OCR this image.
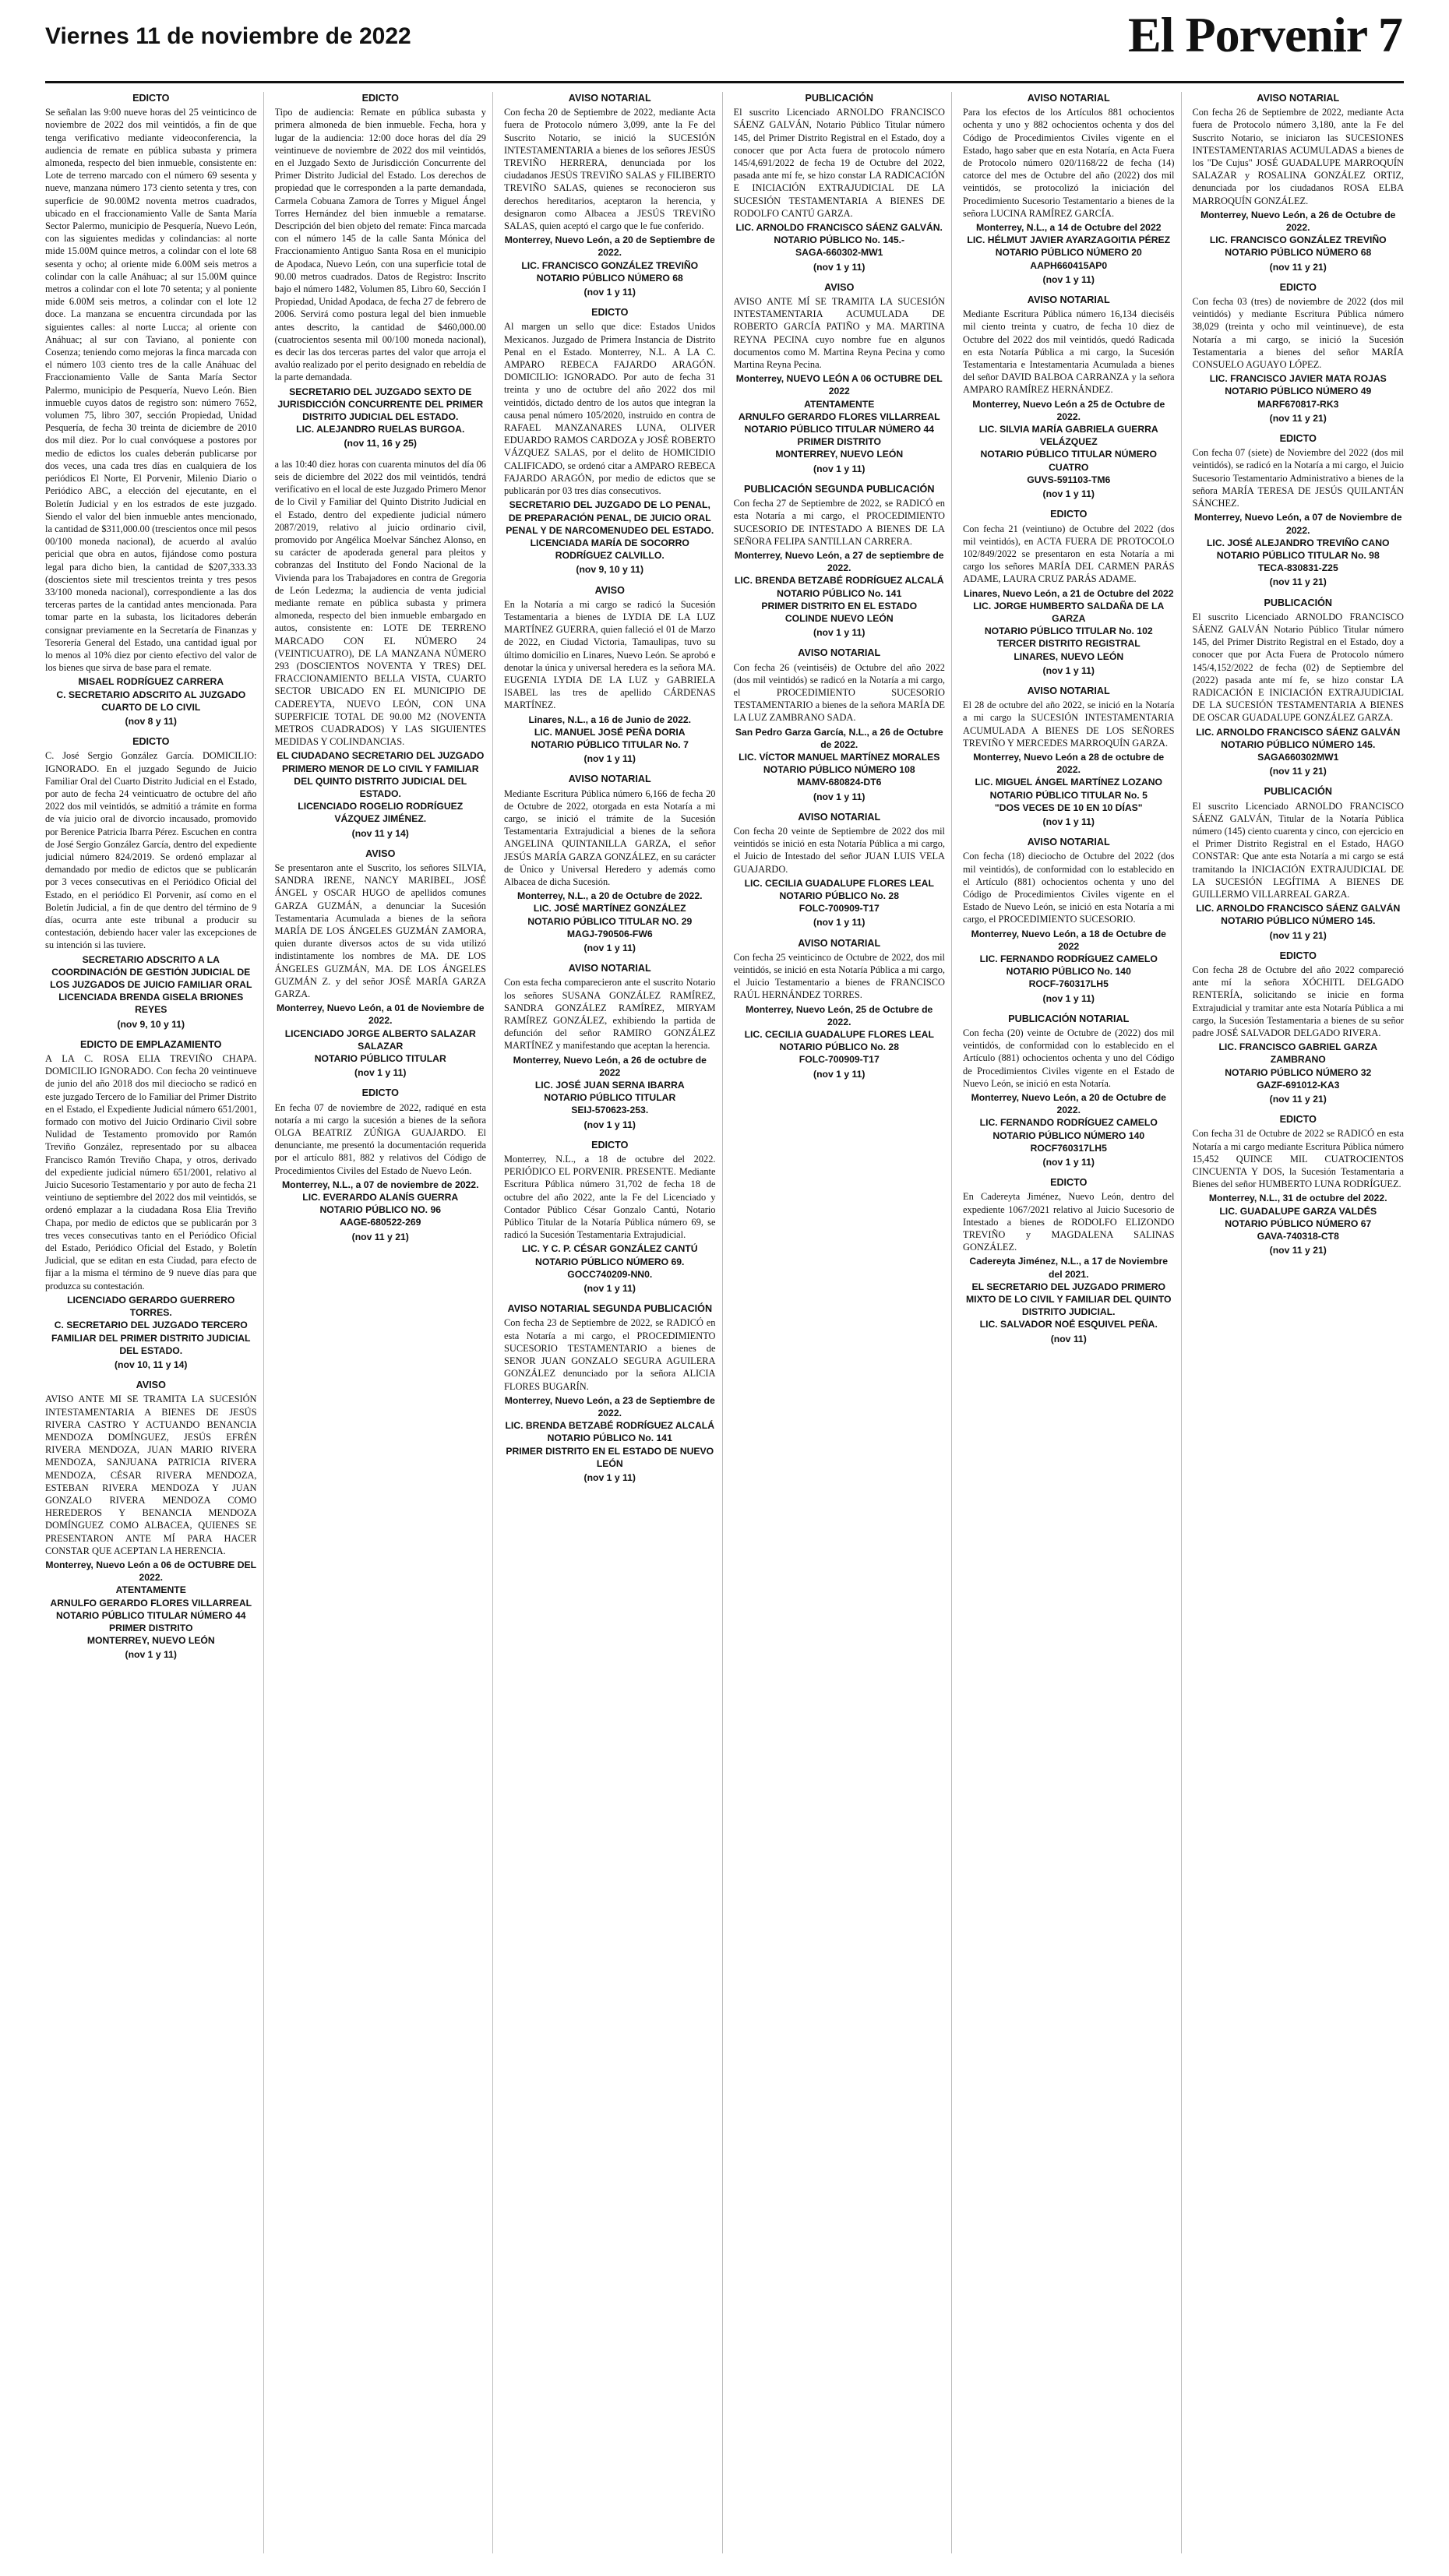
Viernes 11 de noviembre de 2022	El Porvenir 7
EDICTO

Se señalan las 9:00 nueve horas del 25 veinticinco de noviembre de 2022 dos mil veintidós, a fin de que tenga verificativo mediante videoconferencia, la audiencia de remate en pública subasta y primera almoneda, respecto del bien inmueble, consistente en: Lote de terreno marcado con el número 69 sesenta y nueve, manzana número 173 ciento setenta y tres, con superficie de 90.00M2 noventa metros cuadrados, ubicado en el fraccionamiento Valle de Santa María Sector Palermo, municipio de Pesquería, Nuevo León, con las siguientes medidas y colindancias: al norte mide 15.00M quince metros, a colindar con el lote 68 sesenta y ocho; al oriente mide 6.00M seis metros a colindar con la calle Anáhuac; al sur 15.00M quince metros a colindar con el lote 70 setenta; y al poniente mide 6.00M seis metros, a colindar con el lote 12 doce. La manzana se encuentra circundada por las siguientes calles: al norte Lucca; al oriente con Anáhuac; al sur con Taviano, al poniente con Cosenza; teniendo como mejoras la finca marcada con el número 103 ciento tres de la calle Anáhuac del Fraccionamiento Valle de Santa María Sector Palermo, municipio de Pesquería, Nuevo León. Bien inmueble cuyos datos de registro son: número 7652, volumen 75, libro 307, sección Propiedad, Unidad Pesquería, de fecha 30 treinta de diciembre de 2010 dos mil diez. Por lo cual convóquese a postores por medio de edictos los cuales deberán publicarse por dos veces, una cada tres días en cualquiera de los periódicos El Norte, El Porvenir, Milenio Diario o Periódico ABC, a elección del ejecutante, en el Boletín Judicial y en los estrados de este juzgado. Siendo el valor del bien inmueble antes mencionado, la cantidad de $311,000.00 (trescientos once mil pesos 00/100 moneda nacional), de acuerdo al avalúo pericial que obra en autos, fijándose como postura legal para dicho bien, la cantidad de $207,333.33 (doscientos siete mil trescientos treinta y tres pesos 33/100 moneda nacional), correspondiente a las dos terceras partes de la cantidad antes mencionada. Para tomar parte en la subasta, los licitadores deberán consignar previamente en la Secretaría de Finanzas y Tesorería General del Estado, una cantidad igual por lo menos al 10% diez por ciento efectivo del valor de los bienes que sirva de base para el remate.

MISAEL RODRÍGUEZ CARRERA
C. SECRETARIO ADSCRITO AL JUZGADO CUARTO DE LO CIVIL
(nov 8 y 11)
EDICTO

C. José Sergio González García. DOMICILIO: IGNORADO. En el juzgado Segundo de Juicio Familiar Oral del Cuarto Distrito Judicial en el Estado, por auto de fecha 24 veinticuatro de octubre del año 2022 dos mil veintidós, se admitió a trámite en forma de vía juicio oral de divorcio incausado, promovido por Berenice Patricia Ibarra Pérez. Escuchen en contra de José Sergio González García, dentro del expediente judicial número 824/2019. Se ordenó emplazar al demandado por medio de edictos que se publicarán por 3 veces consecutivas en el Periódico Oficial del Estado, en el periódico El Porvenir, así como en el Boletín Judicial, a fin de que dentro del término de 9 días, ocurra ante este tribunal a producir su contestación, debiendo hacer valer las excepciones de su intención si las tuviere.

SECRETARIO ADSCRITO A LA COORDINACIÓN DE GESTIÓN JUDICIAL DE LOS JUZGADOS DE JUICIO FAMILIAR ORAL
LICENCIADA BRENDA GISELA BRIONES REYES
(nov 9, 10 y 11)
EDICTO DE EMPLAZAMIENTO

A LA C. ROSA ELIA TREVIÑO CHAPA. DOMICILIO IGNORADO. Con fecha 20 veintinueve de junio del año 2018 dos mil dieciocho se radicó en este juzgado Tercero de lo Familiar del Primer Distrito en el Estado, el Expediente Judicial número 651/2001, formado con motivo del Juicio Ordinario Civil sobre Nulidad de Testamento promovido por Ramón Treviño González, representado por su albacea Francisco Ramón Treviño Chapa, y otros, derivado del expediente judicial número 651/2001, relativo al Juicio Sucesorio Testamentario y por auto de fecha 21 veintiuno de septiembre del 2022 dos mil veintidós, se ordenó emplazar a la ciudadana Rosa Elia Treviño Chapa, por medio de edictos que se publicarán por 3 tres veces consecutivas tanto en el Periódico Oficial del Estado, Periódico Oficial del Estado, y Boletín Judicial, que se editan en esta Ciudad, para efecto de fijar a la misma el término de 9 nueve días para que produzca su contestación.

LICENCIADO GERARDO GUERRERO TORRES.
C. SECRETARIO DEL JUZGADO TERCERO FAMILIAR DEL PRIMER DISTRITO JUDICIAL DEL ESTADO.
(nov 10, 11 y 14)
AVISO

AVISO ANTE MI SE TRAMITA LA SUCESIÓN INTESTAMENTARIA A BIENES DE JESÚS RIVERA CASTRO Y ACTUANDO BENANCIA MENDOZA DOMÍNGUEZ, JESÚS EFRÉN RIVERA MENDOZA, JUAN MARIO RIVERA MENDOZA, SANJUANA PATRICIA RIVERA MENDOZA, CÉSAR RIVERA MENDOZA, ESTEBAN RIVERA MENDOZA Y JUAN GONZALO RIVERA MENDOZA COMO HEREDEROS Y BENANCIA MENDOZA DOMÍNGUEZ COMO ALBACEA, QUIENES SE PRESENTARON ANTE MÍ PARA HACER CONSTAR QUE ACEPTAN LA HERENCIA.

Monterrey, Nuevo León a 06 de OCTUBRE DEL 2022.
ATENTAMENTE
ARNULFO GERARDO FLORES VILLARREAL
NOTARIO PÚBLICO TITULAR NÚMERO 44
PRIMER DISTRITO
MONTERREY, NUEVO LEÓN
(nov 1 y 11)
EDICTO

Tipo de audiencia: Remate en pública subasta y primera almoneda de bien inmueble. Fecha, hora y lugar de la audiencia: 12:00 doce horas del día 29 veintinueve de noviembre de 2022 dos mil veintidós, en el Juzgado Sexto de Jurisdicción Concurrente del Primer Distrito Judicial del Estado. Los derechos de propiedad que le corresponden a la parte demandada, Carmela Cobuana Zamora de Torres y Miguel Ángel Torres Hernández del bien inmueble a rematarse. Descripción del bien objeto del remate: Finca marcada con el número 145 de la calle Santa Mónica del Fraccionamiento Antiguo Santa Rosa en el municipio de Apodaca, Nuevo León, con una superficie total de 90.00 metros cuadrados. Datos de Registro: Inscrito bajo el número 1482, Volumen 85, Libro 60, Sección I Propiedad, Unidad Apodaca, de fecha 27 de febrero de 2006. Servirá como postura legal del bien inmueble antes descrito, la cantidad de $460,000.00 (cuatrocientos sesenta mil 00/100 moneda nacional), es decir las dos terceras partes del valor que arroja el avalúo realizado por el perito designado en rebeldía de la parte demandada.

SECRETARIO DEL JUZGADO SEXTO DE JURISDICCIÓN CONCURRENTE DEL PRIMER DISTRITO JUDICIAL DEL ESTADO.
LIC. ALEJANDRO RUELAS BURGOA.
(nov 11, 16 y 25)

a las 10:40 diez horas con cuarenta minutos del día 06 seis de diciembre del 2022 dos mil veintidós, tendrá verificativo en el local de este Juzgado Primero Menor de lo Civil y Familiar del Quinto Distrito Judicial en el Estado, dentro del expediente judicial número 2087/2019, relativo al juicio ordinario civil, promovido por Angélica Moelvar Sánchez Alonso, en su carácter de apoderada general para pleitos y cobranzas del Instituto del Fondo Nacional de la Vivienda para los Trabajadores en contra de Gregoria de León Ledezma; la audiencia de venta judicial mediante remate en pública subasta y primera almoneda, respecto del bien inmueble embargado en autos, consistente en: LOTE DE TERRENO MARCADO CON EL NÚMERO 24 (VEINTICUATRO), DE LA MANZANA NÚMERO 293 (DOSCIENTOS NOVENTA Y TRES) DEL FRACCIONAMIENTO BELLA VISTA, CUARTO SECTOR UBICADO EN EL MUNICIPIO DE CADEREYTA, NUEVO LEÓN, CON UNA SUPERFICIE TOTAL DE 90.00 M2 (NOVENTA METROS CUADRADOS) Y LAS SIGUIENTES MEDIDAS Y COLINDANCIAS.

EL CIUDADANO SECRETARIO DEL JUZGADO PRIMERO MENOR DE LO CIVIL Y FAMILIAR DEL QUINTO DISTRITO JUDICIAL DEL ESTADO.
LICENCIADO ROGELIO RODRÍGUEZ VÁZQUEZ JIMÉNEZ.
(nov 11 y 14)
AVISO

Se presentaron ante el Suscrito, los señores SILVIA, SANDRA IRENE, NANCY MARIBEL, JOSÉ ÁNGEL y OSCAR HUGO de apellidos comunes GARZA GUZMÁN, a denunciar la Sucesión Testamentaria Acumulada a bienes de la señora MARÍA DE LOS ÁNGELES GUZMÁN ZAMORA, quien durante diversos actos de su vida utilizó indistintamente los nombres de MA. DE LOS ÁNGELES GUZMÁN, MA. DE LOS ÁNGELES GUZMÁN Z. y del señor JOSÉ MARÍA GARZA GARZA.

Monterrey, Nuevo León, a 01 de Noviembre de 2022.
LICENCIADO JORGE ALBERTO SALAZAR SALAZAR
NOTARIO PÚBLICO TITULAR
(nov 1 y 11)
EDICTO

En fecha 07 de noviembre de 2022, radiqué en esta notaría a mi cargo la sucesión a bienes de la señora OLGA BEATRIZ ZÚÑIGA GUAJARDO. El denunciante, me presentó la documentación requerida por el artículo 881, 882 y relativos del Código de Procedimientos Civiles del Estado de Nuevo León.

Monterrey, N.L., a 07 de noviembre de 2022.
LIC. EVERARDO ALANÍS GUERRA
NOTARIO PÚBLICO NO. 96
AAGE-680522-269
(nov 11 y 21)
AVISO NOTARIAL

Con fecha 20 de Septiembre de 2022, mediante Acta fuera de Protocolo número 3,099, ante la Fe del Suscrito Notario, se inició la SUCESIÓN INTESTAMENTARIA a bienes de los señores JESÚS TREVIÑO HERRERA, denunciada por los ciudadanos JESÚS TREVIÑO SALAS y FILIBERTO TREVIÑO SALAS, quienes se reconocieron sus derechos hereditarios, aceptaron la herencia, y designaron como Albacea a JESÚS TREVIÑO SALAS, quien aceptó el cargo que le fue conferido.

Monterrey, Nuevo León, a 20 de Septiembre de 2022.
LIC. FRANCISCO GONZÁLEZ TREVIÑO
NOTARIO PÚBLICO NÚMERO 68
(nov 1 y 11)
EDICTO

Al margen un sello que dice: Estados Unidos Mexicanos. Juzgado de Primera Instancia de Distrito Penal en el Estado. Monterrey, N.L. A LA C. AMPARO REBECA FAJARDO ARAGÓN. DOMICILIO: IGNORADO. Por auto de fecha 31 treinta y uno de octubre del año 2022 dos mil veintidós, dictado dentro de los autos que integran la causa penal número 105/2020, instruido en contra de RAFAEL MANZANARES LUNA, OLIVER EDUARDO RAMOS CARDOZA y JOSÉ ROBERTO VÁZQUEZ SALAS, por el delito de HOMICIDIO CALIFICADO, se ordenó citar a AMPARO REBECA FAJARDO ARAGÓN, por medio de edictos que se publicarán por 03 tres días consecutivos.

SECRETARIO DEL JUZGADO DE LO PENAL, DE PREPARACIÓN PENAL, DE JUICIO ORAL PENAL Y DE NARCOMENUDEO DEL ESTADO.
LICENCIADA MARÍA DE SOCORRO RODRÍGUEZ CALVILLO.
(nov 9, 10 y 11)
AVISO

En la Notaría a mi cargo se radicó la Sucesión Testamentaria a bienes de LYDIA DE LA LUZ MARTÍNEZ GUERRA, quien falleció el 01 de Marzo de 2022, en Ciudad Victoria, Tamaulipas, tuvo su último domicilio en Linares, Nuevo León. Se aprobó e denotar la única y universal heredera es la señora MA. EUGENIA LYDIA DE LA LUZ y GABRIELA ISABEL las tres de apellido CÁRDENAS MARTÍNEZ.

Linares, N.L., a 16 de Junio de 2022.
LIC. MANUEL JOSÉ PEÑA DORIA
NOTARIO PÚBLICO TITULAR No. 7
(nov 1 y 11)
AVISO NOTARIAL

Mediante Escritura Pública número 6,166 de fecha 20 de Octubre de 2022, otorgada en esta Notaría a mi cargo, se inició el trámite de la Sucesión Testamentaria Extrajudicial a bienes de la señora ANGELINA QUINTANILLA GARZA, el señor JESÚS MARÍA GARZA GONZÁLEZ, en su carácter de Único y Universal Heredero y además como Albacea de dicha Sucesión.

Monterrey, N.L., a 20 de Octubre de 2022.
LIC. JOSÉ MARTÍNEZ GONZÁLEZ
NOTARIO PÚBLICO TITULAR NO. 29
MAGJ-790506-FW6
(nov 1 y 11)
AVISO NOTARIAL

Con esta fecha comparecieron ante el suscrito Notario los señores SUSANA GONZÁLEZ RAMÍREZ, SANDRA GONZÁLEZ RAMÍREZ, MIRYAM RAMÍREZ GONZÁLEZ, exhibiendo la partida de defunción del señor RAMIRO GONZÁLEZ MARTÍNEZ y manifestando que aceptan la herencia.

Monterrey, Nuevo León, a 26 de octubre de 2022
LIC. JOSÉ JUAN SERNA IBARRA
NOTARIO PÚBLICO TITULAR
SEIJ-570623-253.
(nov 1 y 11)
EDICTO

Monterrey, N.L., a 18 de octubre del 2022. PERIÓDICO EL PORVENIR. PRESENTE. Mediante Escritura Pública número 31,702 de fecha 18 de octubre del año 2022, ante la Fe del Licenciado y Contador Público César Gonzalo Cantú, Notario Público Titular de la Notaría Pública número 69, se radicó la Sucesión Testamentaria Extrajudicial.

LIC. Y C. P. CÉSAR GONZÁLEZ CANTÚ
NOTARIO PÚBLICO NÚMERO 69.
GOCC740209-NN0.
(nov 1 y 11)
AVISO NOTARIAL SEGUNDA PUBLICACIÓN

Con fecha 23 de Septiembre de 2022, se RADICÓ en esta Notaría a mi cargo, el PROCEDIMIENTO SUCESORIO TESTAMENTARIO a bienes de SENOR JUAN GONZALO SEGURA AGUILERA GONZÁLEZ denunciado por la señora ALICIA FLORES BUGARÍN.

Monterrey, Nuevo León, a 23 de Septiembre de 2022.
LIC. BRENDA BETZABÉ RODRÍGUEZ ALCALÁ
NOTARIO PÚBLICO No. 141
PRIMER DISTRITO EN EL ESTADO DE NUEVO LEÓN
(nov 1 y 11)
PUBLICACIÓN

El suscrito Licenciado ARNOLDO FRANCISCO SÁENZ GALVÁN, Notario Público Titular número 145, del Primer Distrito Registral en el Estado, doy a conocer que por Acta fuera de protocolo número 145/4,691/2022 de fecha 19 de Octubre del 2022, pasada ante mí fe, se hizo constar LA RADICACIÓN E INICIACIÓN EXTRAJUDICIAL DE LA SUCESIÓN TESTAMENTARIA A BIENES DE RODOLFO CANTÚ GARZA.

LIC. ARNOLDO FRANCISCO SÁENZ GALVÁN.
NOTARIO PÚBLICO No. 145.-
SAGA-660302-MW1
(nov 1 y 11)
AVISO

AVISO ANTE MÍ SE TRAMITA LA SUCESIÓN INTESTAMENTARIA ACUMULADA DE ROBERTO GARCÍA PATIÑO y MA. MARTINA REYNA PECINA cuyo nombre fue en algunos documentos como M. Martina Reyna Pecina y como Martina Reyna Pecina.

Monterrey, NUEVO LEÓN A 06 OCTUBRE DEL 2022
ATENTAMENTE
ARNULFO GERARDO FLORES VILLARREAL
NOTARIO PÚBLICO TITULAR NÚMERO 44
PRIMER DISTRITO
MONTERREY, NUEVO LEÓN
(nov 1 y 11)
PUBLICACIÓN SEGUNDA PUBLICACIÓN

Con fecha 27 de Septiembre de 2022, se RADICÓ en esta Notaría a mi cargo, el PROCEDIMIENTO SUCESORIO DE INTESTADO A BIENES DE LA SEÑORA FELIPA SANTILLAN CARRERA.

Monterrey, Nuevo León, a 27 de septiembre de 2022.
LIC. BRENDA BETZABÉ RODRÍGUEZ ALCALÁ
NOTARIO PÚBLICO No. 141
PRIMER DISTRITO EN EL ESTADO
COLINDE NUEVO LEÓN
(nov 1 y 11)
AVISO NOTARIAL

Con fecha 26 (veintiséis) de Octubre del año 2022 (dos mil veintidós) se radicó en la Notaría a mi cargo, el PROCEDIMIENTO SUCESORIO TESTAMENTARIO a bienes de la señora MARÍA DE LA LUZ ZAMBRANO SADA.

San Pedro Garza García, N.L., a 26 de Octubre de 2022.
LIC. VÍCTOR MANUEL MARTÍNEZ MORALES
NOTARIO PÚBLICO NÚMERO 108
MAMV-680824-DT6
(nov 1 y 11)
AVISO NOTARIAL

Con fecha 20 veinte de Septiembre de 2022 dos mil veintidós se inició en esta Notaría Pública a mi cargo, el Juicio de Intestado del señor JUAN LUIS VELA GUAJARDO.

LIC. CECILIA GUADALUPE FLORES LEAL
NOTARIO PÚBLICO No. 28
FOLC-700909-T17
(nov 1 y 11)
AVISO NOTARIAL

Con fecha 25 veinticinco de Octubre de 2022, dos mil veintidós, se inició en esta Notaría Pública a mi cargo, el Juicio Testamentario a bienes de FRANCISCO RAÚL HERNÁNDEZ TORRES.

Monterrey, Nuevo León, 25 de Octubre de 2022.
LIC. CECILIA GUADALUPE FLORES LEAL
NOTARIO PÚBLICO No. 28
FOLC-700909-T17
(nov 1 y 11)
AVISO NOTARIAL

Para los efectos de los Artículos 881 ochocientos ochenta y uno y 882 ochocientos ochenta y dos del Código de Procedimientos Civiles vigente en el Estado, hago saber que en esta Notaría, en Acta Fuera de Protocolo número 020/1168/22 de fecha (14) catorce del mes de Octubre del año (2022) dos mil veintidós, se protocolizó la iniciación del Procedimiento Sucesorio Testamentario a bienes de la señora LUCINA RAMÍREZ GARCÍA.

Monterrey, N.L., a 14 de Octubre del 2022
LIC. HÉLMUT JAVIER AYARZAGOITIA PÉREZ
NOTARIO PÚBLICO NÚMERO 20
AAPH660415AP0
(nov 1 y 11)
AVISO NOTARIAL

Mediante Escritura Pública número 16,134 dieciséis mil ciento treinta y cuatro, de fecha 10 diez de Octubre del 2022 dos mil veintidós, quedó Radicada en esta Notaría Pública a mi cargo, la Sucesión Testamentaria e Intestamentaria Acumulada a bienes del señor DAVID BALBOA CARRANZA y la señora AMPARO RAMÍREZ HERNÁNDEZ.

Monterrey, Nuevo León a 25 de Octubre de 2022.
LIC. SILVIA MARÍA GABRIELA GUERRA VELÁZQUEZ
NOTARIO PÚBLICO TITULAR NÚMERO CUATRO
GUVS-591103-TM6
(nov 1 y 11)
EDICTO

Con fecha 21 (veintiuno) de Octubre del 2022 (dos mil veintidós), en ACTA FUERA DE PROTOCOLO 102/849/2022 se presentaron en esta Notaría a mi cargo los señores MARÍA DEL CARMEN PARÁS ADAME, LAURA CRUZ PARÁS ADAME.

Linares, Nuevo León, a 21 de Octubre del 2022
LIC. JORGE HUMBERTO SALDAÑA DE LA GARZA
NOTARIO PÚBLICO TITULAR No. 102
TERCER DISTRITO REGISTRAL
LINARES, NUEVO LEÓN
(nov 1 y 11)
AVISO NOTARIAL

El 28 de octubre del año 2022, se inició en la Notaría a mi cargo la SUCESIÓN INTESTAMENTARIA ACUMULADA A BIENES DE LOS SEÑORES TREVIÑO Y MERCEDES MARROQUÍN GARZA.

Monterrey, Nuevo León a 28 de octubre de 2022.
LIC. MIGUEL ÁNGEL MARTÍNEZ LOZANO
NOTARIO PÚBLICO TITULAR No. 5
"DOS VECES DE 10 EN 10 DÍAS"
(nov 1 y 11)
AVISO NOTARIAL

Con fecha (18) dieciocho de Octubre del 2022 (dos mil veintidós), de conformidad con lo establecido en el Artículo (881) ochocientos ochenta y uno del Código de Procedimientos Civiles vigente en el Estado de Nuevo León, se inició en esta Notaría a mi cargo, el PROCEDIMIENTO SUCESORIO.

Monterrey, Nuevo León, a 18 de Octubre de 2022
LIC. FERNANDO RODRÍGUEZ CAMELO
NOTARIO PÚBLICO No. 140
ROCF-760317LH5
(nov 1 y 11)
PUBLICACIÓN NOTARIAL

Con fecha (20) veinte de Octubre de (2022) dos mil veintidós, de conformidad con lo establecido en el Artículo (881) ochocientos ochenta y uno del Código de Procedimientos Civiles vigente en el Estado de Nuevo León, se inició en esta Notaría.

Monterrey, Nuevo León, a 20 de Octubre de 2022.
LIC. FERNANDO RODRÍGUEZ CAMELO
NOTARIO PÚBLICO NÚMERO 140
ROCF760317LH5
(nov 1 y 11)
EDICTO

En Cadereyta Jiménez, Nuevo León, dentro del expediente 1067/2021 relativo al Juicio Sucesorio de Intestado a bienes de RODOLFO ELIZONDO TREVIÑO y MAGDALENA SALINAS GONZÁLEZ.

Cadereyta Jiménez, N.L., a 17 de Noviembre del 2021.
EL SECRETARIO DEL JUZGADO PRIMERO MIXTO DE LO CIVIL Y FAMILIAR DEL QUINTO DISTRITO JUDICIAL.
LIC. SALVADOR NOÉ ESQUIVEL PEÑA.
(nov 11)
AVISO NOTARIAL

Con fecha 26 de Septiembre de 2022, mediante Acta fuera de Protocolo número 3,180, ante la Fe del Suscrito Notario, se iniciaron las SUCESIONES INTESTAMENTARIAS ACUMULADAS a bienes de los "De Cujus" JOSÉ GUADALUPE MARROQUÍN SALAZAR y ROSALINA GONZÁLEZ ORTIZ, denunciada por los ciudadanos ROSA ELBA MARROQUÍN GONZÁLEZ.

Monterrey, Nuevo León, a 26 de Octubre de 2022.
LIC. FRANCISCO GONZÁLEZ TREVIÑO
NOTARIO PÚBLICO NÚMERO 68
(nov 11 y 21)
EDICTO

Con fecha 03 (tres) de noviembre de 2022 (dos mil veintidós) y mediante Escritura Pública número 38,029 (treinta y ocho mil veintinueve), de esta Notaría a mi cargo, se inició la Sucesión Testamentaria a bienes del señor MARÍA CONSUELO AGUAYO LÓPEZ.

LIC. FRANCISCO JAVIER MATA ROJAS
NOTARIO PÚBLICO NÚMERO 49
MARF670817-RK3
(nov 11 y 21)
EDICTO

Con fecha 07 (siete) de Noviembre del 2022 (dos mil veintidós), se radicó en la Notaría a mi cargo, el Juicio Sucesorio Testamentario Administrativo a bienes de la señora MARÍA TERESA DE JESÚS QUILANTÁN SÁNCHEZ.

Monterrey, Nuevo León, a 07 de Noviembre de 2022.
LIC. JOSÉ ALEJANDRO TREVIÑO CANO
NOTARIO PÚBLICO TITULAR No. 98
TECA-830831-Z25
(nov 11 y 21)
PUBLICACIÓN

El suscrito Licenciado ARNOLDO FRANCISCO SÁENZ GALVÁN Notario Público Titular número 145, del Primer Distrito Registral en el Estado, doy a conocer que por Acta Fuera de Protocolo número 145/4,152/2022 de fecha (02) de Septiembre del (2022) pasada ante mí fe, se hizo constar LA RADICACIÓN E INICIACIÓN EXTRAJUDICIAL DE LA SUCESIÓN TESTAMENTARIA A BIENES DE OSCAR GUADALUPE GONZÁLEZ GARZA.

LIC. ARNOLDO FRANCISCO SÁENZ GALVÁN
NOTARIO PÚBLICO NÚMERO 145.
SAGA660302MW1
(nov 11 y 21)
PUBLICACIÓN

El suscrito Licenciado ARNOLDO FRANCISCO SÁENZ GALVÁN, Titular de la Notaría Pública número (145) ciento cuarenta y cinco, con ejercicio en el Primer Distrito Registral en el Estado, HAGO CONSTAR: Que ante esta Notaría a mi cargo se está tramitando la INICIACIÓN EXTRAJUDICIAL DE LA SUCESIÓN LEGÍTIMA A BIENES DE GUILLERMO VILLARREAL GARZA.

LIC. ARNOLDO FRANCISCO SÁENZ GALVÁN
NOTARIO PÚBLICO NÚMERO 145.
(nov 11 y 21)
EDICTO

Con fecha 28 de Octubre del año 2022 compareció ante mí la señora XÓCHITL DELGADO RENTERÍA, solicitando se inicie en forma Extrajudicial y tramitar ante esta Notaría Pública a mi cargo, la Sucesión Testamentaria a bienes de su señor padre JOSÉ SALVADOR DELGADO RIVERA.

LIC. FRANCISCO GABRIEL GARZA ZAMBRANO
NOTARIO PÚBLICO NÚMERO 32
GAZF-691012-KA3
(nov 11 y 21)
EDICTO

Con fecha 31 de Octubre de 2022 se RADICÓ en esta Notaría a mi cargo mediante Escritura Pública número 15,452 QUINCE MIL CUATROCIENTOS CINCUENTA Y DOS, la Sucesión Testamentaria a Bienes del señor HUMBERTO LUNA RODRÍGUEZ.

Monterrey, N.L., 31 de octubre del 2022.
LIC. GUADALUPE GARZA VALDÉS
NOTARIO PÚBLICO NÚMERO 67
GAVA-740318-CT8
(nov 11 y 21)
